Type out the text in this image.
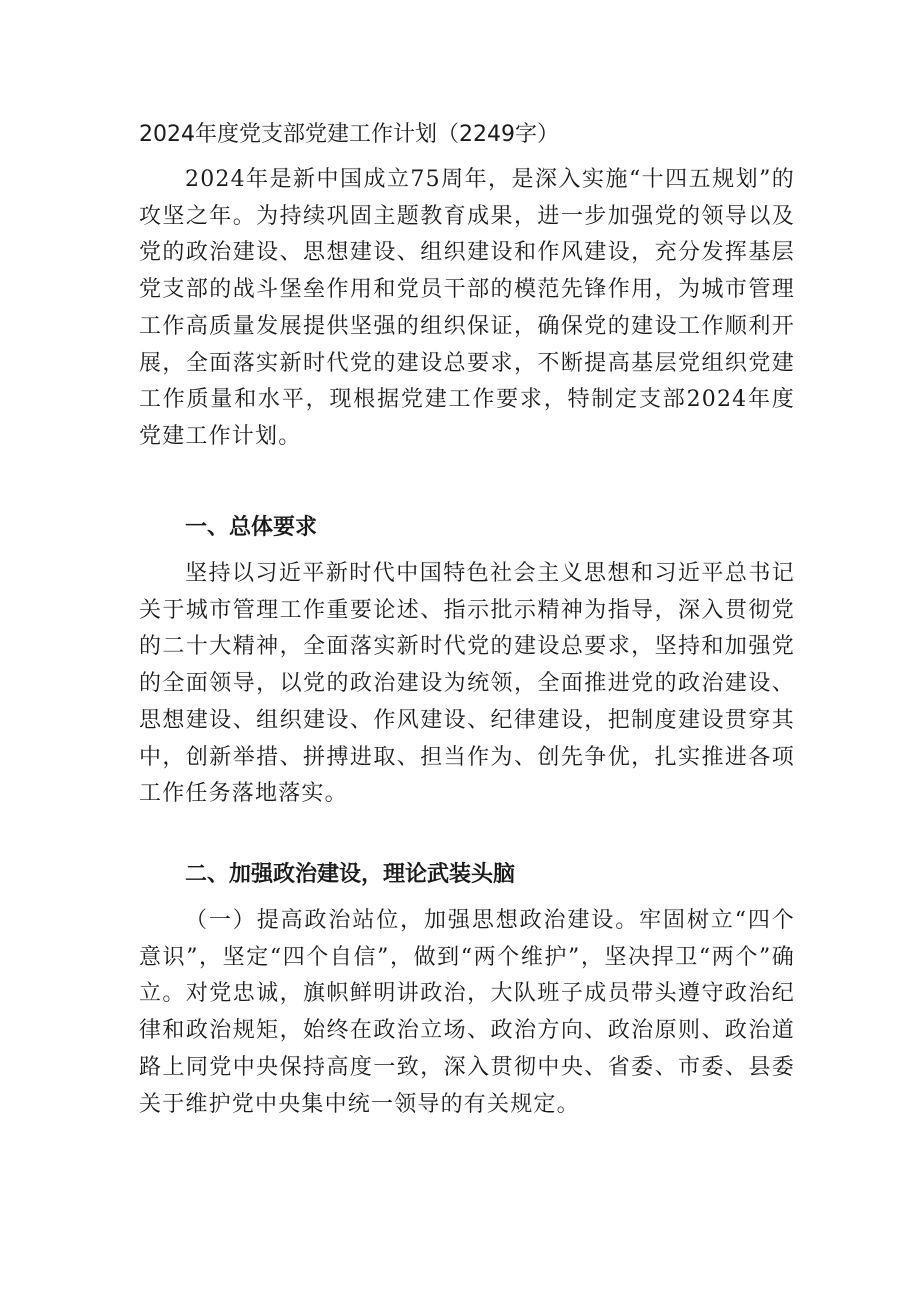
2024年度党支部党建工作计划（2249字）

2024年是新中国成立75周年，是深入实施“十四五规划”的攻坚之年。为持续巩固主题教育成果，进一步加强党的领导以及党的政治建设、思想建设、组织建设和作风建设，充分发挥基层党支部的战斗堡垒作用和党员干部的模范先锋作用，为城市管理工作高质量发展提供坚强的组织保证，确保党的建设工作顺利开展，全面落实新时代党的建设总要求，不断提高基层党组织党建工作质量和水平，现根据党建工作要求，特制定支部2024年度党建工作计划。

一、总体要求

坚持以习近平新时代中国特色社会主义思想和习近平总书记关于城市管理工作重要论述、指示批示精神为指导，深入贯彻党的二十大精神，全面落实新时代党的建设总要求，坚持和加强党的全面领导，以党的政治建设为统领，全面推进党的政治建设、思想建设、组织建设、作风建设、纪律建设，把制度建设贯穿其中，创新举措、拼搏进取、担当作为、创先争优，扎实推进各项工作任务落地落实。

二、加强政治建设，理论武装头脑

（一）提高政治站位，加强思想政治建设。牢固树立“四个意识”，坚定“四个自信”，做到“两个维护”，坚决捍卫“两个”确立。对党忠诚，旗帜鲜明讲政治，大队班子成员带头遵守政治纪律和政治规矩，始终在政治立场、政治方向、政治原则、政治道路上同党中央保持高度一致，深入贯彻中央、省委、市委、县委关于维护党中央集中统一领导的有关规定。
